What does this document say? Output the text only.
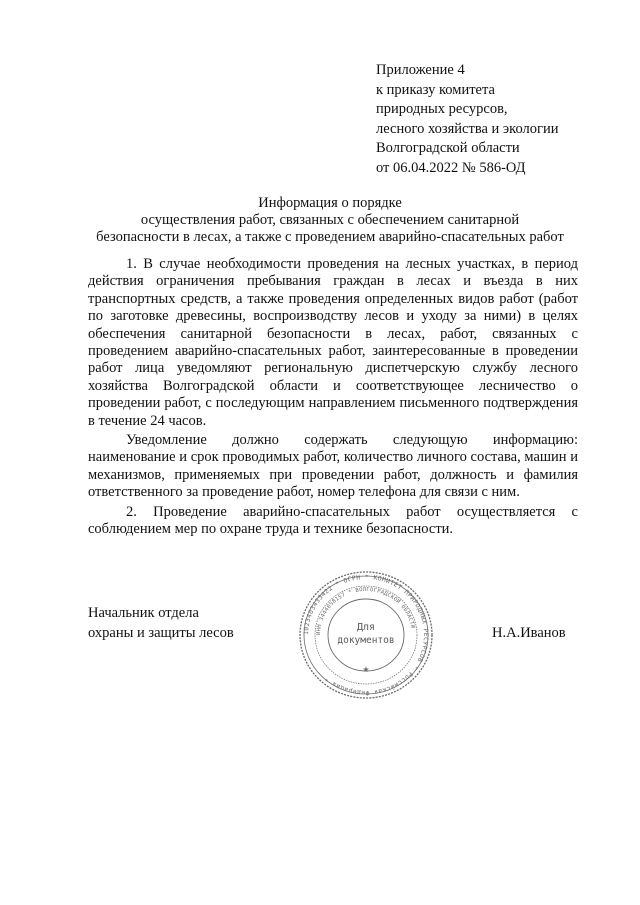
Приложение 4
к приказу комитета
природных ресурсов,
лесного хозяйства и экологии
Волгоградской области
от 06.04.2022 № 586-ОД
Информация о порядке
осуществления работ, связанных с обеспечением санитарной
безопасности в лесах, а также с проведением аварийно-спасательных работ

1. В случае необходимости проведения на лесных участках, в период действия ограничения пребывания граждан в лесах и въезда в них транспортных средств, а также проведения определенных видов работ (работ по заготовке древесины, воспроизводству лесов и уходу за ними) в целях обеспечения санитарной безопасности в лесах, работ, связанных с проведением аварийно-спасательных работ, заинтересованные в проведении работ лица уведомляют региональную диспетчерскую службу лесного хозяйства Волгоградской области и соответствующее лесничество о проведении работ, с последующим направлением письменного подтверждения в течение 24 часов.

Уведомление должно содержать следующую информацию: наименование и срок проводимых работ, количество личного состава, машин и механизмов, применяемых при проведении работ, должность и фамилия ответственного за проведение работ, номер телефона для связи с ним.

2. Проведение аварийно-спасательных работ осуществляется с соблюдением мер по охране труда и технике безопасности.

Начальник отдела
охраны и защиты лесов	Н.А.Иванов
1023403433422 * ОГРН * КОМИТЕТ ПРИРОДНЫХ РЕСУРСОВ * Российская Федерация *
ИНН 3444058157 * ВОЛГОГРАДСКОЙ ОБЛАСТИ
Для
документов
★
